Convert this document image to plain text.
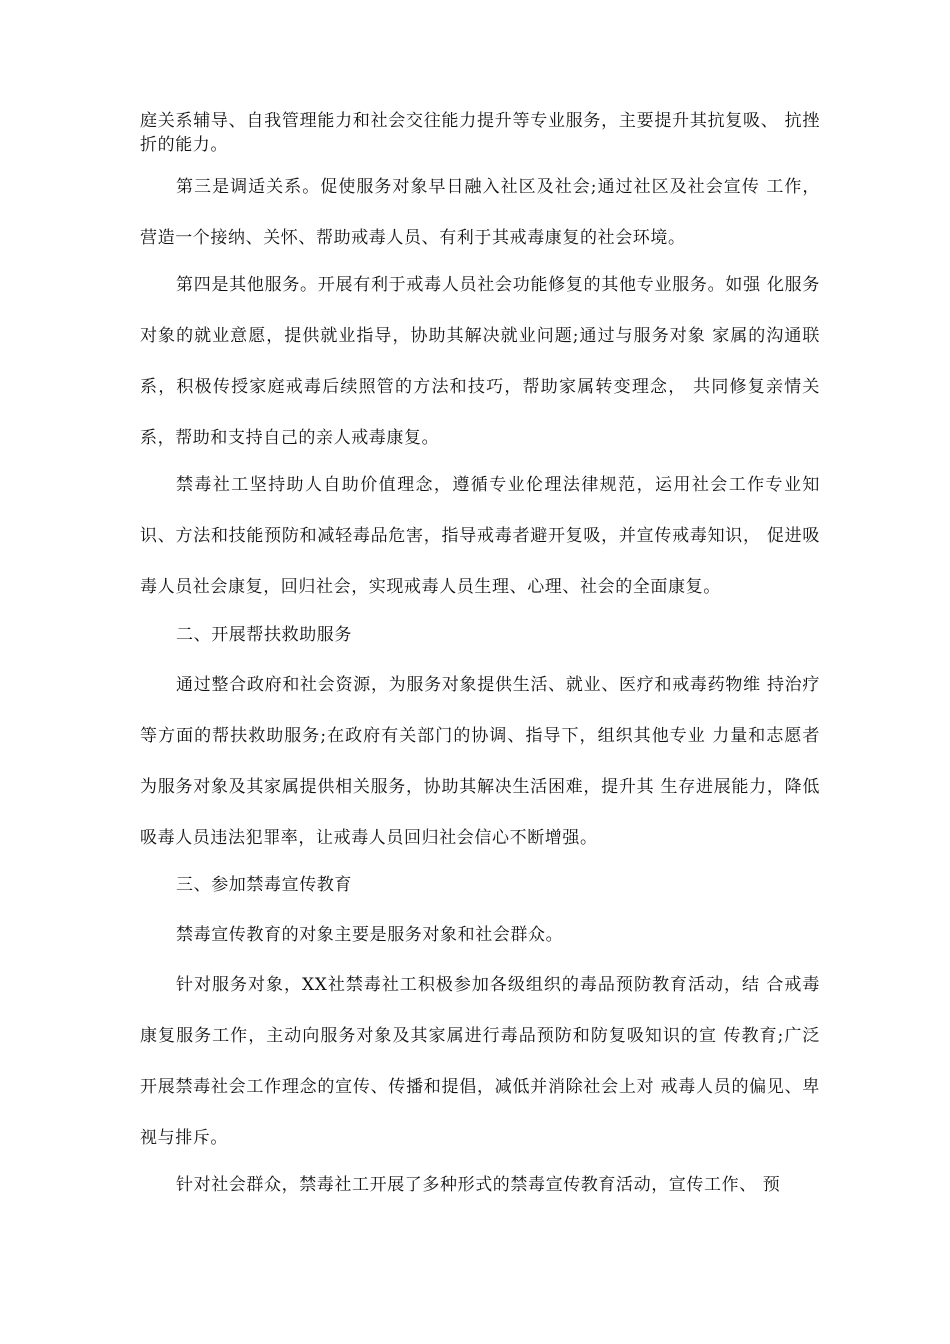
庭关系辅导、自我管理能力和社会交往能力提升等专业服务，主要提升其抗复吸、 抗挫折的能力。

第三是调适关系。促使服务对象早日融入社区及社会;通过社区及社会宣传 工作，营造一个接纳、关怀、帮助戒毒人员、有利于其戒毒康复的社会环境。

第四是其他服务。开展有利于戒毒人员社会功能修复的其他专业服务。如强 化服务对象的就业意愿，提供就业指导，协助其解决就业问题;通过与服务对象 家属的沟通联系，积极传授家庭戒毒后续照管的方法和技巧，帮助家属转变理念， 共同修复亲情关系，帮助和支持自己的亲人戒毒康复。

禁毒社工坚持助人自助价值理念，遵循专业伦理法律规范，运用社会工作专业知识、方法和技能预防和减轻毒品危害，指导戒毒者避开复吸，并宣传戒毒知识， 促进吸毒人员社会康复，回归社会，实现戒毒人员生理、心理、社会的全面康复。

二、开展帮扶救助服务

通过整合政府和社会资源，为服务对象提供生活、就业、医疗和戒毒药物维 持治疗等方面的帮扶救助服务;在政府有关部门的协调、指导下，组织其他专业 力量和志愿者为服务对象及其家属提供相关服务，协助其解决生活困难，提升其 生存进展能力，降低吸毒人员违法犯罪率，让戒毒人员回归社会信心不断增强。

三、参加禁毒宣传教育

禁毒宣传教育的对象主要是服务对象和社会群众。

针对服务对象，XX社禁毒社工积极参加各级组织的毒品预防教育活动，结 合戒毒康复服务工作，主动向服务对象及其家属进行毒品预防和防复吸知识的宣 传教育;广泛开展禁毒社会工作理念的宣传、传播和提倡，减低并消除社会上对 戒毒人员的偏见、卑视与排斥。

针对社会群众，禁毒社工开展了多种形式的禁毒宣传教育活动，宣传工作、 预
